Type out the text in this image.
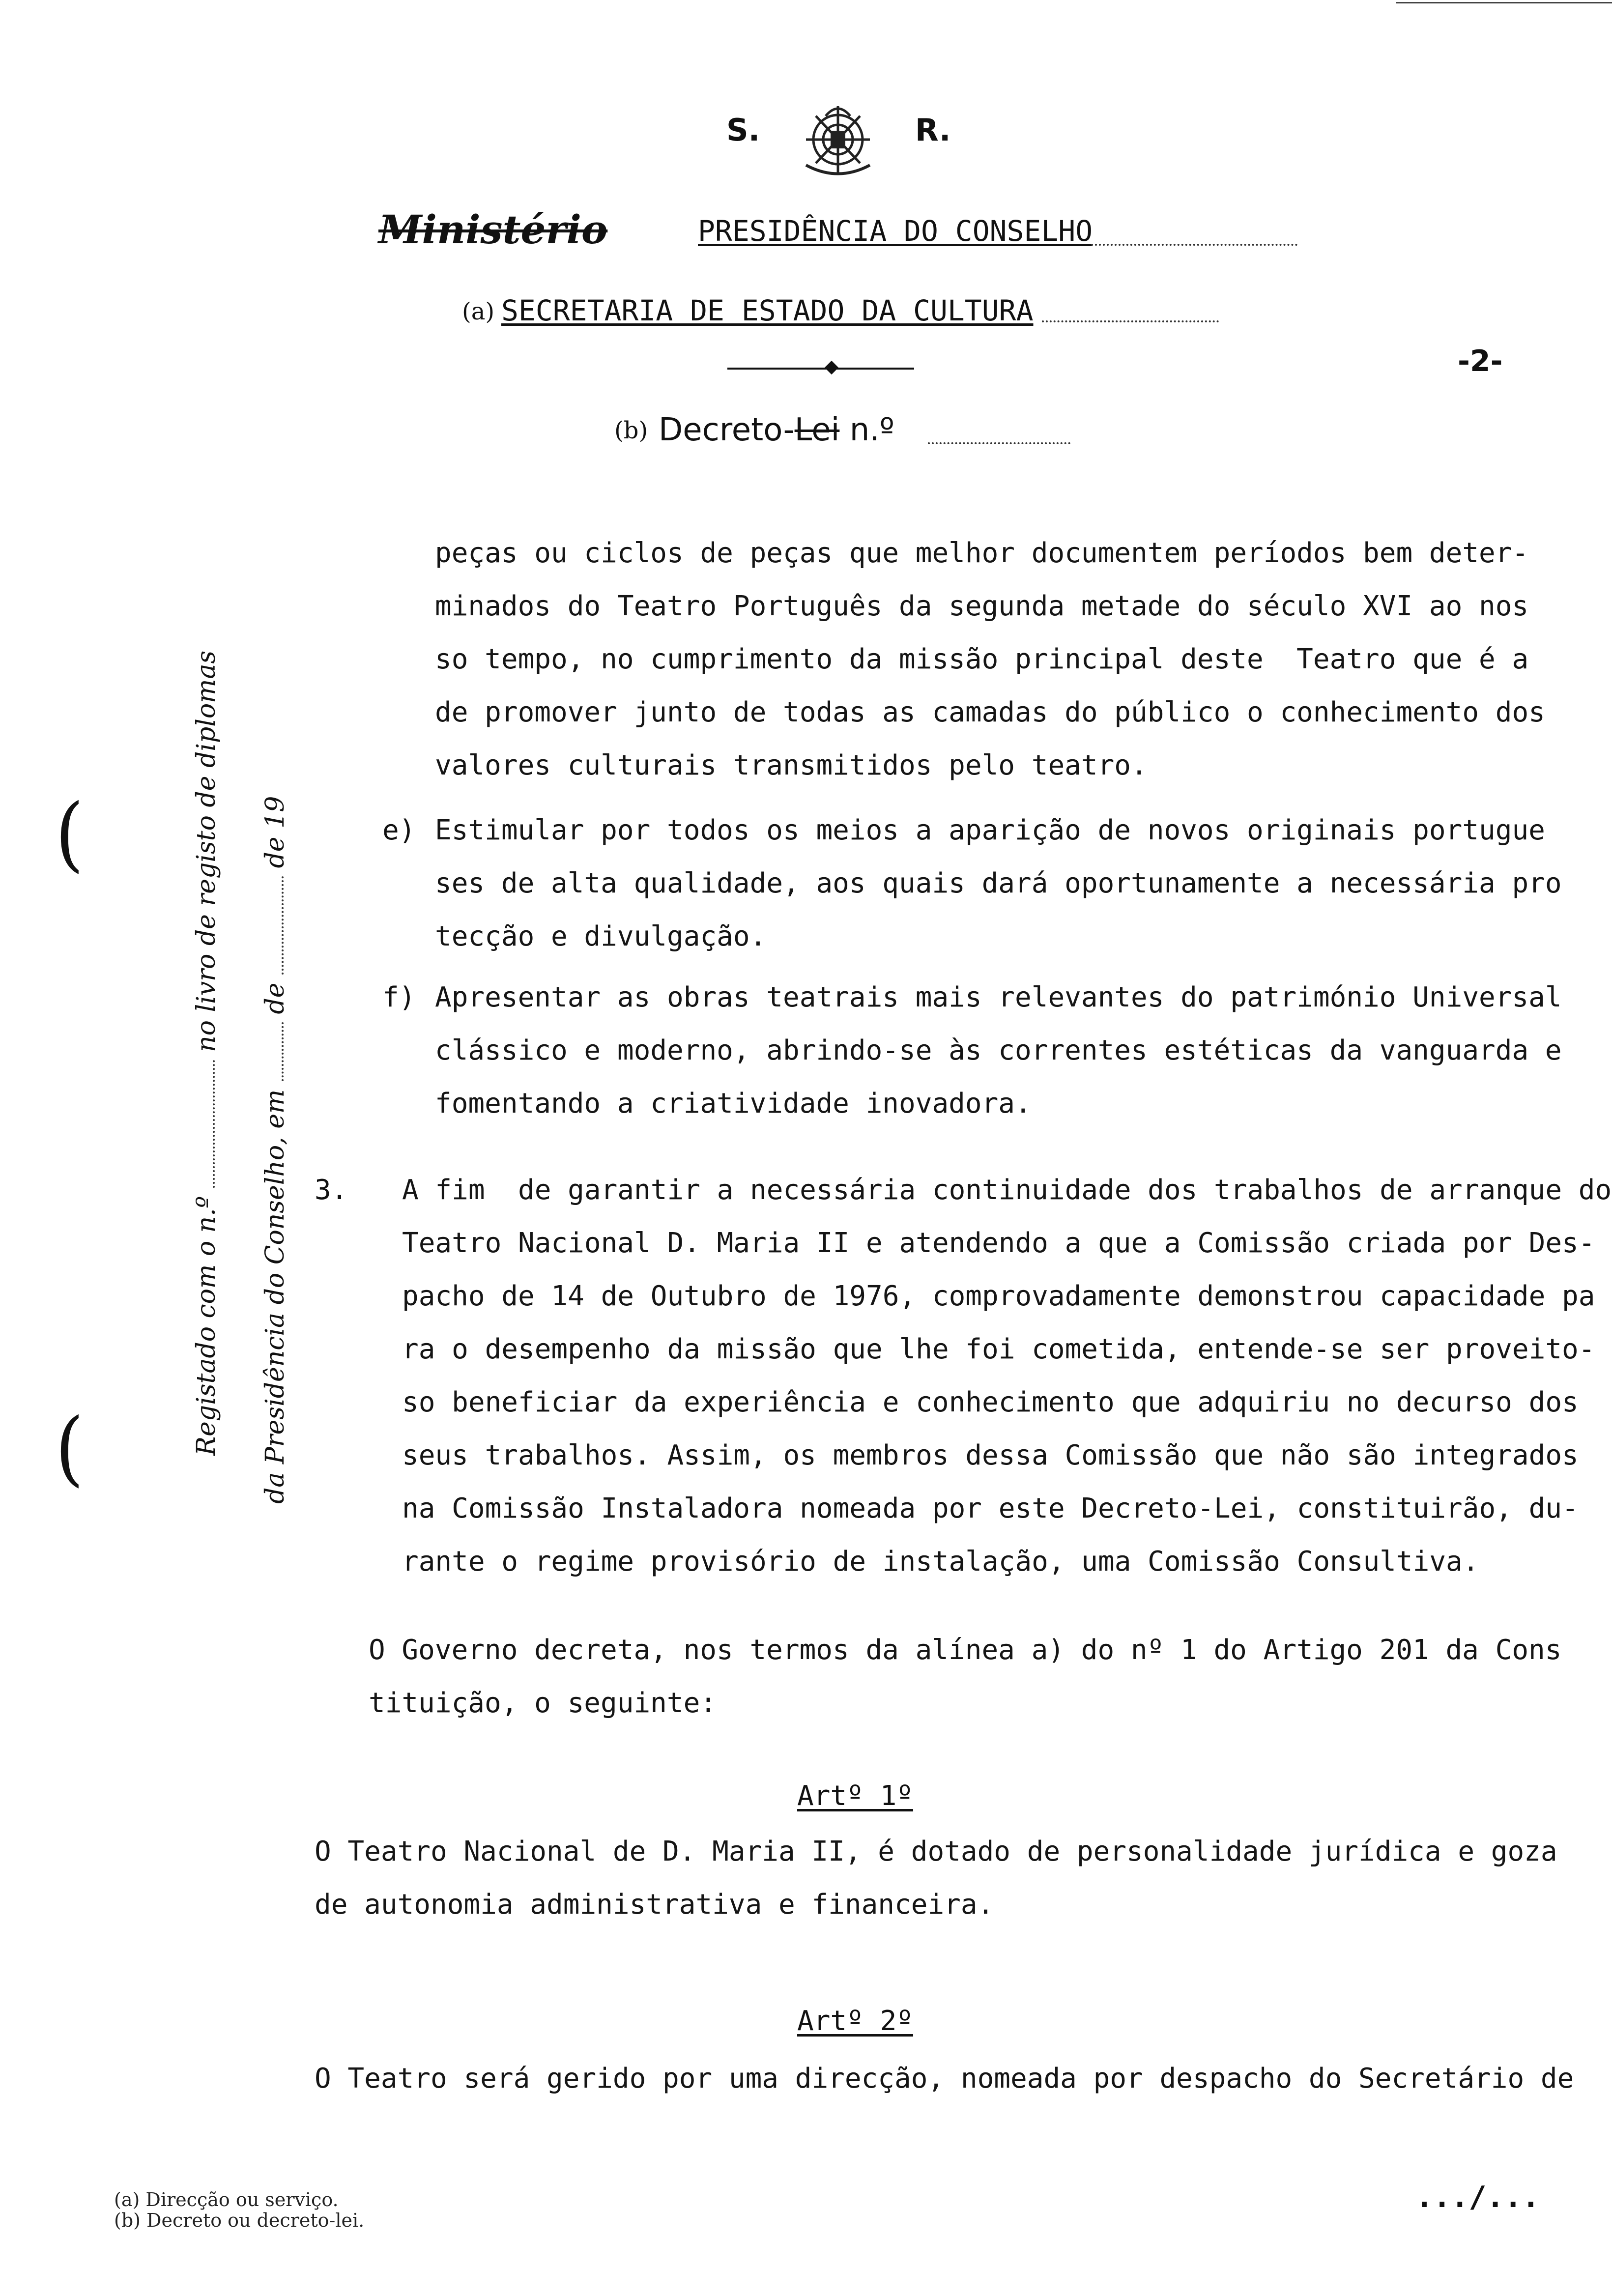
S.	R.
Ministério	PRESIDÊNCIA DO CONSELHO
(a) SECRETARIA DE ESTADO DA CULTURA
-2-
(b) Decreto-Lei n.º
(
(	Registado com o n.º  no livro de registo de diplomas
da Presidência do Conselho, em  de  de 19
peças ou ciclos de peças que melhor documentem períodos bem deter-
minados do Teatro Português da segunda metade do século XVI ao nos
so tempo, no cumprimento da missão principal deste  Teatro que é a
de promover junto de todas as camadas do público o conhecimento dos
valores culturais transmitidos pelo teatro.
e) Estimular por todos os meios a aparição de novos originais portugue
ses de alta qualidade, aos quais dará oportunamente a necessária pro
tecção e divulgação.
f) Apresentar as obras teatrais mais relevantes do património Universal
clássico e moderno, abrindo-se às correntes estéticas da vanguarda e
fomentando a criatividade inovadora.
3. A fim  de garantir a necessária continuidade dos trabalhos de arranque do
Teatro Nacional D. Maria II e atendendo a que a Comissão criada por Des-
pacho de 14 de Outubro de 1976, comprovadamente demonstrou capacidade pa
ra o desempenho da missão que lhe foi cometida, entende-se ser proveito-
so beneficiar da experiência e conhecimento que adquiriu no decurso dos
seus trabalhos. Assim, os membros dessa Comissão que não são integrados
na Comissão Instaladora nomeada por este Decreto-Lei, constituirão, du-
rante o regime provisório de instalação, uma Comissão Consultiva.
O Governo decreta, nos termos da alínea a) do nº 1 do Artigo 201 da Cons
tituição, o seguinte:
Artº 1º
O Teatro Nacional de D. Maria II, é dotado de personalidade jurídica e goza
de autonomia administrativa e financeira.
Artº 2º
O Teatro será gerido por uma direcção, nomeada por despacho do Secretário de
(a) Direcção ou serviço.
(b) Decreto ou decreto-lei.
.../...
